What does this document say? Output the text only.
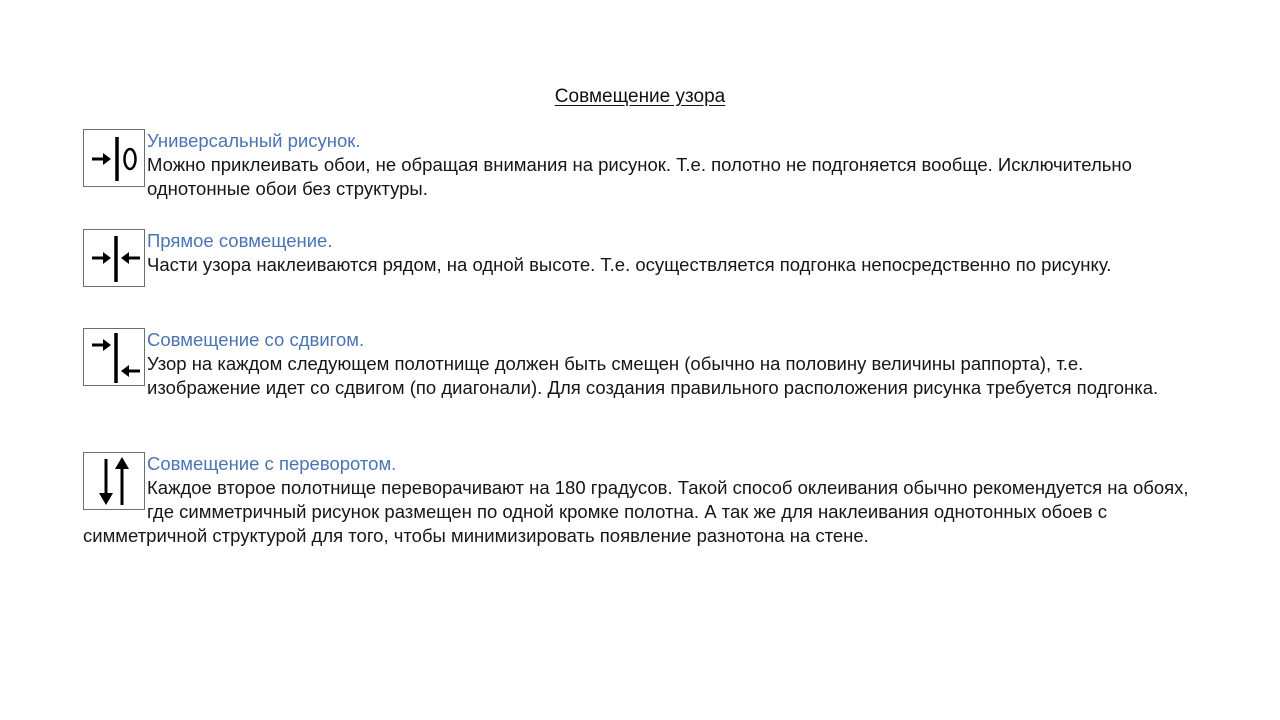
Совмещение узора
Универсальный рисунок.
Можно приклеивать обои, не обращая внимания на рисунок. Т.е. полотно не подгоняется вообще. Исключительно однотонные обои без структуры.
Прямое совмещение.
Части узора наклеиваются рядом, на одной высоте. Т.е. осуществляется подгонка непосредственно по рисунку.
Совмещение со сдвигом.
Узор на каждом следующем полотнище должен быть смещен (обычно на половину величины раппорта), т.е. изображение идет со сдвигом (по диагонали). Для создания правильного расположения рисунка требуется подгонка.
Совмещение с переворотом.
Каждое второе полотнище переворачивают на 180 градусов. Такой способ оклеивания обычно рекомендуется на обоях, где симметричный рисунок размещен по одной кромке полотна. А так же для наклеивания однотонных обоев с симметричной структурой для того, чтобы минимизировать появление разнотона на стене.
